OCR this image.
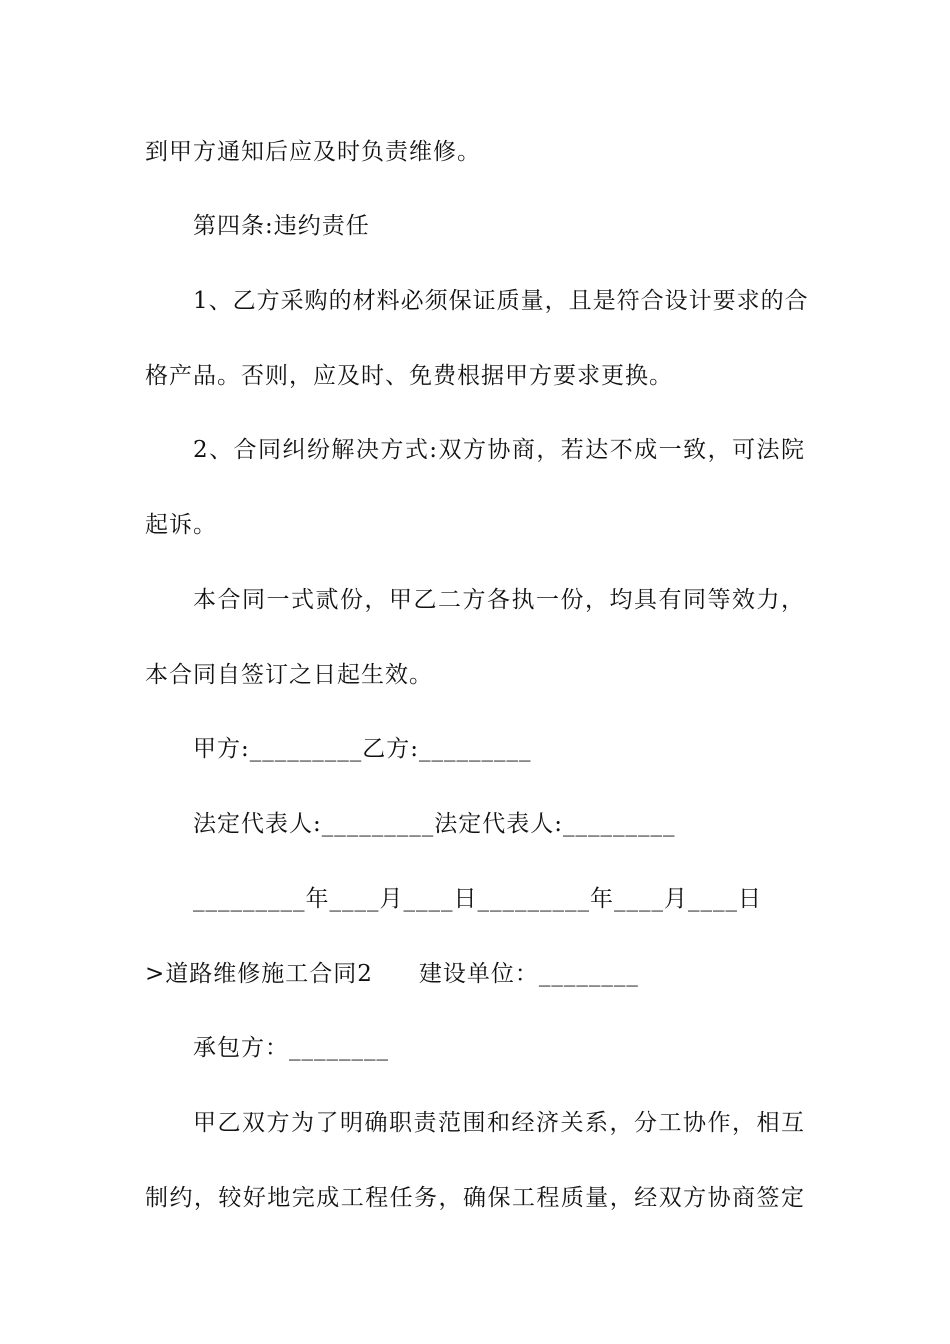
到甲方通知后应及时负责维修。
第四条:违约责任
1、乙方采购的材料必须保证质量，且是符合设计要求的合
格产品。否则，应及时、免费根据甲方要求更换。
2、合同纠纷解决方式:双方协商，若达不成一致，可法院
起诉。
本合同一式贰份，甲乙二方各执一份，均具有同等效力，
本合同自签订之日起生效。
甲方:_________乙方:_________
法定代表人:_________法定代表人:_________
_________年____月____日_________年____月____日
>道路维修施工合同2 建设单位：________
承包方：________
甲乙双方为了明确职责范围和经济关系，分工协作，相互
制约，较好地完成工程任务，确保工程质量，经双方协商签定
